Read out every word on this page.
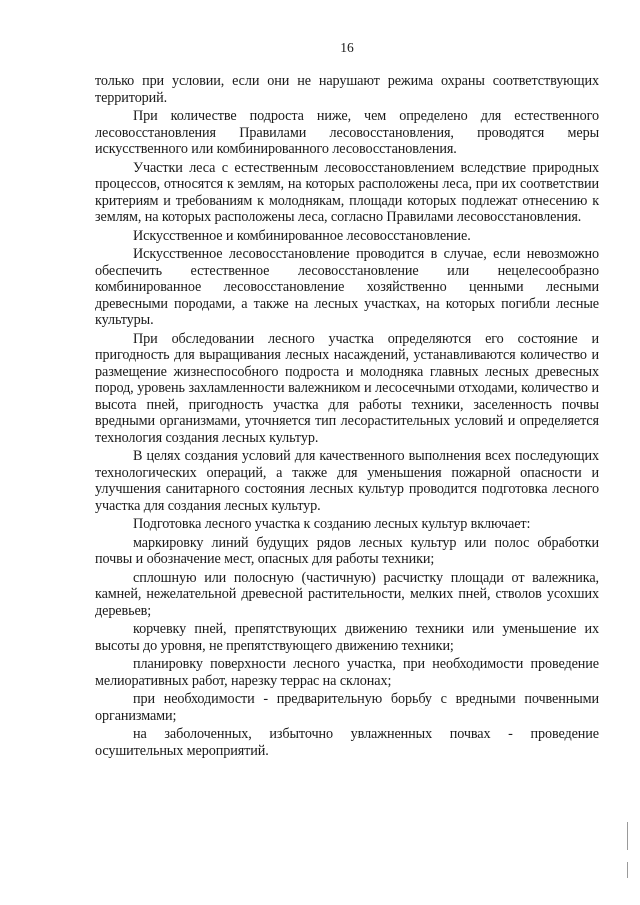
16

только при условии, если они не нарушают режима охраны соответствующих территорий.

При количестве подроста ниже, чем определено для естественного лесовосстановления Правилами лесовосстановления, проводятся меры искусственного или комбинированного лесовосстановления.

Участки леса с естественным лесовосстановлением вследствие природных процессов, относятся к землям, на которых расположены леса, при их соответствии критериям и требованиям к молоднякам, площади которых подлежат отнесению к землям, на которых расположены леса, согласно Правилами лесовосстановления.

Искусственное и комбинированное лесовосстановление.

Искусственное лесовосстановление проводится в случае, если невозможно обеспечить естественное лесовосстановление или нецелесообразно комбинированное лесовосстановление хозяйственно ценными лесными древесными породами, а также на лесных участках, на которых погибли лесные культуры.

При обследовании лесного участка определяются его состояние и пригодность для выращивания лесных насаждений, устанавливаются количество и размещение жизнеспособного подроста и молодняка главных лесных древесных пород, уровень захламленности валежником и лесосечными отходами, количество и высота пней, пригодность участка для работы техники, заселенность почвы вредными организмами, уточняется тип лесорастительных условий и определяется технология создания лесных культур.

В целях создания условий для качественного выполнения всех последующих технологических операций, а также для уменьшения пожарной опасности и улучшения санитарного состояния лесных культур проводится подготовка лесного участка для создания лесных культур.

Подготовка лесного участка к созданию лесных культур включает:

маркировку линий будущих рядов лесных культур или полос обработки почвы и обозначение мест, опасных для работы техники;

сплошную или полосную (частичную) расчистку площади от валежника, камней, нежелательной древесной растительности, мелких пней, стволов усохших деревьев;

корчевку пней, препятствующих движению техники или уменьшение их высоты до уровня, не препятствующего движению техники;

планировку поверхности лесного участка, при необходимости проведение мелиоративных работ, нарезку террас на склонах;

при необходимости - предварительную борьбу с вредными почвенными организмами;

на заболоченных, избыточно увлажненных почвах - проведение осушительных мероприятий.
